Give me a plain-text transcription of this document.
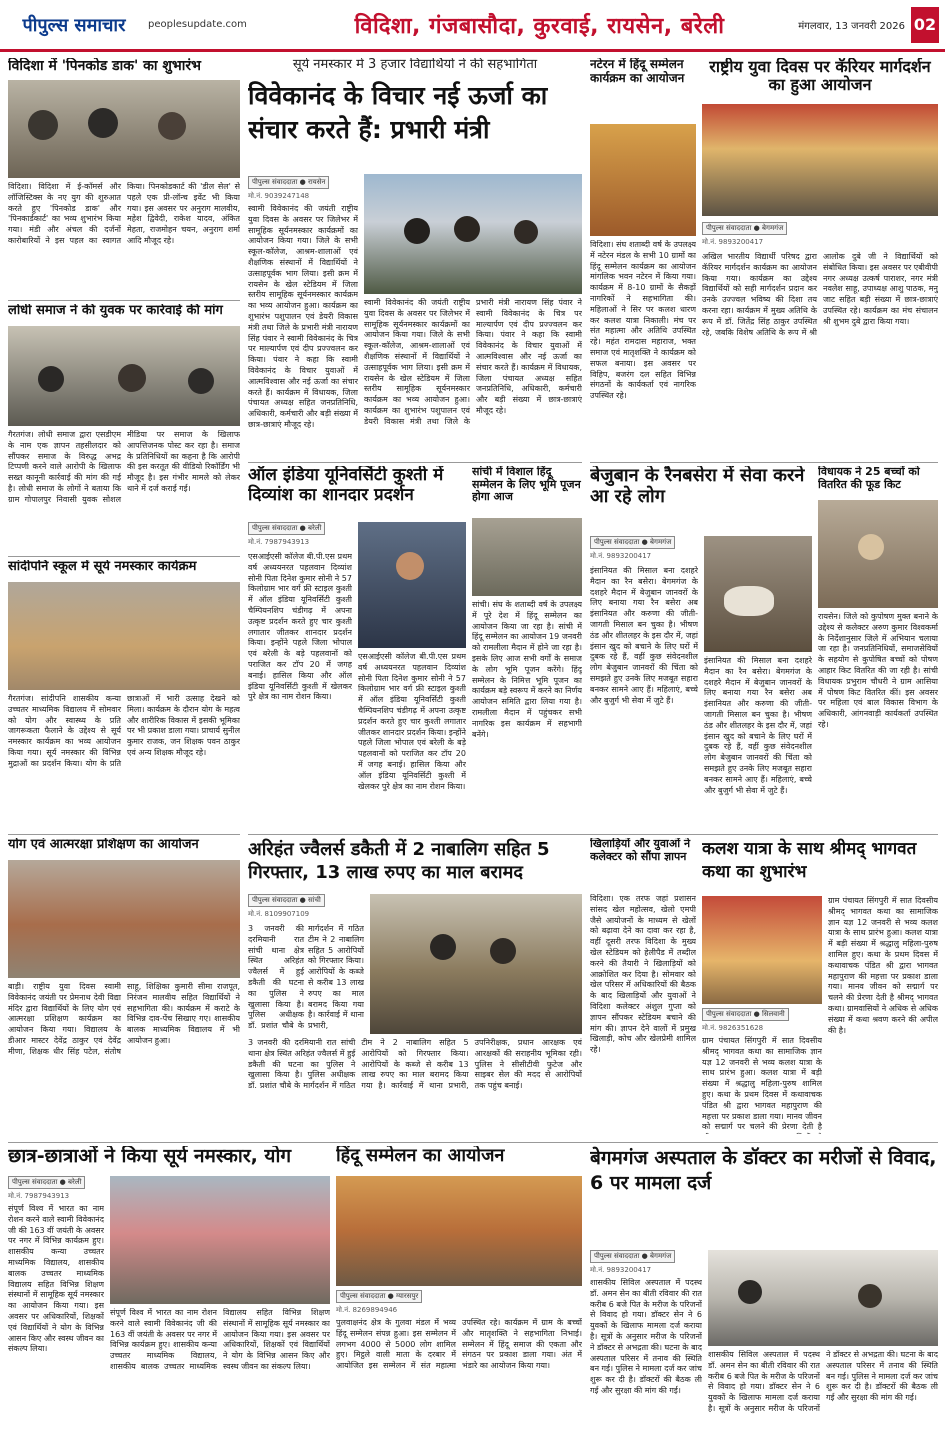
पीपुल्स समाचार peoplesupdate.com	विदिशा, गंजबासौदा, कुरवाई, रायसेन, बरेली	मंगलवार, 13 जनवरी 2026 02
विदिशा में 'पिनकोड डाक' का शुभारंभ
विदिशा। विदिशा में ई-कॉमर्स और लॉजिस्टिक्स के नए युग की शुरुआत करते हुए 'पिनकोड डाक' और 'पिनकार्डकार्ट' का भव्य शुभारंभ किया गया। मंडी और अंचल की दर्जनों कारोबारियों ने इस पहल का स्वागत किया। पिनकोडकार्ट की 'डील सेल' से पहले एक प्री-लॉन्च इवेंट भी किया गया। इस अवसर पर अनुराग मालवीय, महेश द्विवेदी, राकेश यादव, अंकित मेहता, राजमोहन चयन, अनुराग शर्मा आदि मौजूद रहे।
लोधी समाज ने की युवक पर कार्रवाई की मांग
गैरतगंज। लोधी समाज द्वारा एसडीएम के नाम एक ज्ञापन तहसीलदार को सौंपकर समाज के विरुद्ध अभद्र टिप्पणी करने वाले आरोपी के खिलाफ सख्त कानूनी कार्रवाई की मांग की गई है। लोधी समाज के लोगों ने बताया कि ग्राम गोपालपुर निवासी युवक सोशल मीडिया पर समाज के खिलाफ आपत्तिजनक पोस्ट कर रहा है। समाज के प्रतिनिधियों का कहना है कि आरोपी की इस करतूत की वीडियो रिकॉर्डिंग भी मौजूद है। इस गंभीर मामले को लेकर थाने में दर्ज कराई गई।
सांदीपनि स्कूल में सूर्य नमस्कार कार्यक्रम
गैरतगंज। सांदीपनि शासकीय कन्या उच्चतर माध्यमिक विद्यालय में सोमवार को योग और स्वास्थ्य के प्रति जागरूकता फैलाने के उद्देश्य से सूर्य नमस्कार कार्यक्रम का भव्य आयोजन किया गया। सूर्य नमस्कार की विभिन्न मुद्राओं का प्रदर्शन किया। योग के प्रति छात्राओं में भारी उत्साह देखने को मिला। कार्यक्रम के दौरान योग के महत्व और शारीरिक विकास में इसकी भूमिका पर भी प्रकाश डाला गया। प्राचार्य सुनील कुमार राजक, जन शिक्षक पवन ठाकुर एवं अन्य शिक्षक मौजूद रहे।
योग एवं आत्मरक्षा प्रशिक्षण का आयोजन
बाड़ी। राष्ट्रीय युवा दिवस स्वामी विवेकानंद जयंती पर प्रेमनाथ देवी विद्या मंदिर द्वारा विद्यार्थियों के लिए योग एवं आत्मरक्षा प्रशिक्षण कार्यक्रम का आयोजन किया गया। विद्यालय के डीआर मास्टर देवेंद्र ठाकुर एवं देवेंद्र मीणा, शिक्षक धीर सिंह पटेल, संतोष साहू, शिक्षिका कुमारी सीमा राजपूत, निरंजन मालवीय सहित विद्यार्थियों ने सहभागिता की। कार्यक्रम में कराटे के विभिन्न दाव-पेंच सिखाए गए। शासकीय बालक माध्यमिक विद्यालय में भी आयोजन हुआ।
सूर्य नमस्कार में 3 हजार विद्यार्थियों ने की सहभागिता
विवेकानंद के विचार नई ऊर्जा का संचार करते हैं: प्रभारी मंत्री
पीपुल्स संवाददाता ● रायसेन
मो.नं. 9039247148
स्वामी विवेकानंद की जयंती राष्ट्रीय युवा दिवस के अवसर पर जिलेभर में सामूहिक सूर्यनमस्कार कार्यक्रमों का आयोजन किया गया। जिले के सभी स्कूल-कॉलेज, आश्रम-शालाओं एवं शैक्षणिक संस्थानों में विद्यार्थियों ने उत्साहपूर्वक भाग लिया। इसी क्रम में रायसेन के खेल स्टेडियम में जिला स्तरीय सामूहिक सूर्यनमस्कार कार्यक्रम का भव्य आयोजन हुआ। कार्यक्रम का शुभारंभ पशुपालन एवं डेयरी विकास मंत्री तथा जिले के प्रभारी मंत्री नारायण सिंह पंवार ने स्वामी विवेकानंद के चित्र पर माल्यार्पण एवं दीप प्रज्ज्वलन कर किया। पंवार ने कहा कि स्वामी विवेकानंद के विचार युवाओं में आत्मविश्वास और नई ऊर्जा का संचार करते हैं। कार्यक्रम में विधायक, जिला पंचायत अध्यक्ष सहित जनप्रतिनिधि, अधिकारी, कर्मचारी और बड़ी संख्या में छात्र-छात्राएं मौजूद रहे।
स्वामी विवेकानंद की जयंती राष्ट्रीय युवा दिवस के अवसर पर जिलेभर में सामूहिक सूर्यनमस्कार कार्यक्रमों का आयोजन किया गया। जिले के सभी स्कूल-कॉलेज, आश्रम-शालाओं एवं शैक्षणिक संस्थानों में विद्यार्थियों ने उत्साहपूर्वक भाग लिया। इसी क्रम में रायसेन के खेल स्टेडियम में जिला स्तरीय सामूहिक सूर्यनमस्कार कार्यक्रम का भव्य आयोजन हुआ। कार्यक्रम का शुभारंभ पशुपालन एवं डेयरी विकास मंत्री तथा जिले के प्रभारी मंत्री नारायण सिंह पंवार ने स्वामी विवेकानंद के चित्र पर माल्यार्पण एवं दीप प्रज्ज्वलन कर किया। पंवार ने कहा कि स्वामी विवेकानंद के विचार युवाओं में आत्मविश्वास और नई ऊर्जा का संचार करते हैं। कार्यक्रम में विधायक, जिला पंचायत अध्यक्ष सहित जनप्रतिनिधि, अधिकारी, कर्मचारी और बड़ी संख्या में छात्र-छात्राएं मौजूद रहे।
ऑल इंडिया यूनिवर्सिटी कुश्ती में दिव्यांश का शानदार प्रदर्शन
पीपुल्स संवाददाता ● बरेली
मो.नं. 7987943913
एसआईएसी कॉलेज बी.पी.एस प्रथम वर्ष अध्ययनरत पहलवान दिव्यांश सोनी पिता दिनेश कुमार सोनी ने 57 किलोग्राम भार वर्ग फ्री स्टाइल कुश्ती में ऑल इंडिया यूनिवर्सिटी कुश्ती चैम्पियनशिप चंडीगढ़ में अपना उत्कृष्ट प्रदर्शन करते हुए चार कुश्ती लगातार जीतकर शानदार प्रदर्शन किया। इन्होंने पहले जिला भोपाल एवं बरेली के बड़े पहलवानों को पराजित कर टॉप 20 में जगह बनाई। हासिल किया और ऑल इंडिया यूनिवर्सिटी कुश्ती में खेलकर पुरे क्षेत्र का नाम रोशन किया।
एसआईएसी कॉलेज बी.पी.एस प्रथम वर्ष अध्ययनरत पहलवान दिव्यांश सोनी पिता दिनेश कुमार सोनी ने 57 किलोग्राम भार वर्ग फ्री स्टाइल कुश्ती में ऑल इंडिया यूनिवर्सिटी कुश्ती चैम्पियनशिप चंडीगढ़ में अपना उत्कृष्ट प्रदर्शन करते हुए चार कुश्ती लगातार जीतकर शानदार प्रदर्शन किया। इन्होंने पहले जिला भोपाल एवं बरेली के बड़े पहलवानों को पराजित कर टॉप 20 में जगह बनाई। हासिल किया और ऑल इंडिया यूनिवर्सिटी कुश्ती में खेलकर पुरे क्षेत्र का नाम रोशन किया।
सांची में विशाल हिंदू सम्मेलन के लिए भूमि पूजन होगा आज
सांची। संघ के शताब्दी वर्ष के उपलक्ष्य में पूरे देश में हिंदू सम्मेलन का आयोजन किया जा रहा है। सांची में हिंदू सम्मेलन का आयोजन 19 जनवरी को रामलीला मैदान में होने जा रहा है। इसके लिए आज सभी वर्गों के समाज के लोग भूमि पूजन करेंगे। हिंदू सम्मेलन के निमित्त भूमि पूजन का कार्यक्रम बड़े स्वरूप में करने का निर्णय आयोजन समिति द्वारा लिया गया है। रामलीला मैदान में पहुंचकर सभी नागरिक इस कार्यक्रम में सहभागी बनेंगे।
नटेरन में हिंदू सम्मेलन कार्यक्रम का आयोजन
विदिशा। संघ शताब्दी वर्ष के उपलक्ष्य में नटेरन मंडल के सभी 10 ग्रामों का हिंदू सम्मेलन कार्यक्रम का आयोजन मांगलिक भवन नटेरन में किया गया। कार्यक्रम में 8-10 ग्रामों के सैकड़ों नागरिकों ने सहभागिता की। महिलाओं ने सिर पर कलश धारण कर कलश यात्रा निकाली। मंच पर संत महात्मा और अतिथि उपस्थित रहे। महंत रामदास महाराज, भक्त समाज एवं मातृशक्ति ने कार्यक्रम को सफल बनाया। इस अवसर पर विहिप, बजरंग दल सहित विभिन्न संगठनों के कार्यकर्ता एवं नागरिक उपस्थित रहे।
राष्ट्रीय युवा दिवस पर कॅरियर मार्गदर्शन का हुआ आयोजन
पीपुल्स संवाददाता ● बेगमगंज
मो.नं. 9893200417
अखिल भारतीय विद्यार्थी परिषद द्वारा कॅरियर मार्गदर्शन कार्यक्रम का आयोजन किया गया। कार्यक्रम का उद्देश्य विद्यार्थियों को सही मार्गदर्शन प्रदान कर उनके उज्ज्वल भविष्य की दिशा तय करना रहा। कार्यक्रम में मुख्य अतिथि के रूप में डॉ. जितेंद्र सिंह ठाकुर उपस्थित रहे, जबकि विशेष अतिथि के रूप में श्री आलोक दुबे जी ने विद्यार्थियों को संबोधित किया। इस अवसर पर एबीवीपी नगर अध्यक्ष उत्कर्ष पाराशर, नगर मंत्री नवलेश साहू, उपाध्यक्ष आशु पाठक, मनु जाट सहित बड़ी संख्या में छात्र-छात्राएं उपस्थित रहे। कार्यक्रम का मंच संचालन श्री शुभम दुबे द्वारा किया गया।
बेजुबान के रैनबसेरा में सेवा करने आ रहे लोग
पीपुल्स संवाददाता ● बेगमगंज
मो.नं. 9893200417
इंसानियत की मिसाल बना दशहरे मैदान का रैन बसेरा। बेगमगंज के दशहरे मैदान में बेजुबान जानवरों के लिए बनाया गया रैन बसेरा अब इंसानियत और करुणा की जीती-जागती मिसाल बन चुका है। भीषण ठंड और शीतलहर के इस दौर में, जहां इंसान खुद को बचाने के लिए घरों में दुबक रहे हैं, वहीं कुछ संवेदनशील लोग बेजुबान जानवरों की चिंता को समझते हुए उनके लिए मजबूत सहारा बनकर सामने आए हैं। महिलाएं, बच्चे और बुजुर्ग भी सेवा में जुटे हैं।
इंसानियत की मिसाल बना दशहरे मैदान का रैन बसेरा। बेगमगंज के दशहरे मैदान में बेजुबान जानवरों के लिए बनाया गया रैन बसेरा अब इंसानियत और करुणा की जीती-जागती मिसाल बन चुका है। भीषण ठंड और शीतलहर के इस दौर में, जहां इंसान खुद को बचाने के लिए घरों में दुबक रहे हैं, वहीं कुछ संवेदनशील लोग बेजुबान जानवरों की चिंता को समझते हुए उनके लिए मजबूत सहारा बनकर सामने आए हैं। महिलाएं, बच्चे और बुजुर्ग भी सेवा में जुटे हैं।
विधायक ने 25 बच्चों को वितरित की फूड किट
रायसेन। जिले को कुपोषण मुक्त बनाने के उद्देश्य से कलेक्टर अरुण कुमार विश्वकर्मा के निर्देशानुसार जिले में अभियान चलाया जा रहा है। जनप्रतिनिधियों, समाजसेवियों के सहयोग से कुपोषित बच्चों को पोषण आहार किट वितरित की जा रही है। सांची विधायक प्रभुराम चौधरी ने ग्राम आसिया में पोषण किट वितरित कीं। इस अवसर पर महिला एवं बाल विकास विभाग के अधिकारी, आंगनवाड़ी कार्यकर्ता उपस्थित रहे।
अरिहंत ज्वैलर्स डकैती में 2 नाबालिग सहित 5 गिरफ्तार, 13 लाख रुपए का माल बरामद
पीपुल्स संवाददाता ● सांची
मो.नं. 8109907109
3 जनवरी की दरमियानी रात सांची थाना क्षेत्र स्थित अरिहंत ज्वैलर्स में हुई डकैती की घटना का पुलिस ने खुलासा किया है। पुलिस अधीक्षक डॉ. प्रशांत चौबे के मार्गदर्शन में गठित टीम ने 2 नाबालिग सहित 5 आरोपियों को गिरफ्तार किया। आरोपियों के कब्जे से करीब 13 लाख रुपए का माल बरामद किया गया है। कार्रवाई में थाना प्रभारी,
3 जनवरी की दरमियानी रात सांची थाना क्षेत्र स्थित अरिहंत ज्वैलर्स में हुई डकैती की घटना का पुलिस ने खुलासा किया है। पुलिस अधीक्षक डॉ. प्रशांत चौबे के मार्गदर्शन में गठित टीम ने 2 नाबालिग सहित 5 आरोपियों को गिरफ्तार किया। आरोपियों के कब्जे से करीब 13 लाख रुपए का माल बरामद किया गया है। कार्रवाई में थाना प्रभारी, उपनिरीक्षक, प्रधान आरक्षक एवं आरक्षकों की सराहनीय भूमिका रही। पुलिस ने सीसीटीवी फुटेज और साइबर सेल की मदद से आरोपियों तक पहुंच बनाई।
खिलाड़ियों और युवाओं ने कलेक्टर को सौंपा ज्ञापन
विदिशा। एक तरफ जहां प्रशासन सांसद खेल महोत्सव, खेलो एमपी जैसे आयोजनों के माध्यम से खेलों को बढ़ावा देने का दावा कर रहा है, वहीं दूसरी तरफ विदिशा के मुख्य खेल स्टेडियम को हेलीपैड में तब्दील करने की तैयारी ने खिलाड़ियों को आक्रोशित कर दिया है। सोमवार को खेल परिसर में अधिकारियों की बैठक के बाद खिलाड़ियों और युवाओं ने विदिशा कलेक्टर अंशुल गुप्ता को ज्ञापन सौंपकर स्टेडियम बचाने की मांग की। ज्ञापन देने वालों में प्रमुख खिलाड़ी, कोच और खेलप्रेमी शामिल रहे।
कलश यात्रा के साथ श्रीमद् भागवत कथा का शुभारंभ
पीपुल्स संवाददाता ● सिलवानी
मो.नं. 9826351628
ग्राम पंचायत सिंगपुरी में सात दिवसीय श्रीमद् भागवत कथा का सामाजिक ज्ञान यज्ञ 12 जनवरी से भव्य कलश यात्रा के साथ प्रारंभ हुआ। कलश यात्रा में बड़ी संख्या में श्रद्धालु महिला-पुरुष शामिल हुए। कथा के प्रथम दिवस में कथावाचक पंडित श्री द्वारा भागवत महापुराण की महत्ता पर प्रकाश डाला गया। मानव जीवन को सद्मार्ग पर चलने की प्रेरणा देती है
ग्राम पंचायत सिंगपुरी में सात दिवसीय श्रीमद् भागवत कथा का सामाजिक ज्ञान यज्ञ 12 जनवरी से भव्य कलश यात्रा के साथ प्रारंभ हुआ। कलश यात्रा में बड़ी संख्या में श्रद्धालु महिला-पुरुष शामिल हुए। कथा के प्रथम दिवस में कथावाचक पंडित श्री द्वारा भागवत महापुराण की महत्ता पर प्रकाश डाला गया। मानव जीवन को सद्मार्ग पर चलने की प्रेरणा देती है श्रीमद् भागवत कथा। ग्रामवासियों ने अधिक से अधिक संख्या में कथा श्रवण करने की अपील की है।
छात्र-छात्राओं ने किया सूर्य नमस्कार, योग
पीपुल्स संवाददाता ● बरेली
मो.नं. 7987943913
संपूर्ण विश्व में भारत का नाम रोशन करने वाले स्वामी विवेकानंद जी की 163 वीं जयंती के अवसर पर नगर में विभिन्न कार्यक्रम हुए। शासकीय कन्या उच्चतर माध्यमिक विद्यालय, शासकीय बालक उच्चतर माध्यमिक विद्यालय सहित विभिन्न शिक्षण संस्थानों में सामूहिक सूर्य नमस्कार का आयोजन किया गया। इस अवसर पर अधिकारियों, शिक्षकों एवं विद्यार्थियों ने योग के विभिन्न आसन किए और स्वस्थ जीवन का संकल्प लिया।
संपूर्ण विश्व में भारत का नाम रोशन करने वाले स्वामी विवेकानंद जी की 163 वीं जयंती के अवसर पर नगर में विभिन्न कार्यक्रम हुए। शासकीय कन्या उच्चतर माध्यमिक विद्यालय, शासकीय बालक उच्चतर माध्यमिक विद्यालय सहित विभिन्न शिक्षण संस्थानों में सामूहिक सूर्य नमस्कार का आयोजन किया गया। इस अवसर पर अधिकारियों, शिक्षकों एवं विद्यार्थियों ने योग के विभिन्न आसन किए और स्वस्थ जीवन का संकल्प लिया।
हिंदू सम्मेलन का आयोजन
पीपुल्स संवाददाता ● ग्यारसपुर
मो.नं. 8269894946
पुलवाक्षनंद क्षेत्र के गुलवा मंडल में भव्य हिंदू सम्मेलन संपन्न हुआ। इस सम्मेलन में लगभग 4000 से 5000 लोग शामिल हुए। मिट्ठले वाली माता के दरबार में आयोजित इस सम्मेलन में संत महात्मा उपस्थित रहे। कार्यक्रम में ग्राम के बच्चों और मातृशक्ति ने सहभागिता निभाई। सम्मेलन में हिंदू समाज की एकता और संगठन पर प्रकाश डाला गया। अंत में भंडारे का आयोजन किया गया।
बेगमगंज अस्पताल के डॉक्टर का मरीजों से विवाद, 6 पर मामला दर्ज
पीपुल्स संवाददाता ● बेगमगंज
मो.नं. 9893200417
शासकीय सिविल अस्पताल में पदस्थ डॉ. अमन सेन का बीती रविवार की रात करीब 6 बजे पित के मरीज के परिजनों से विवाद हो गया। डॉक्टर सेन ने 6 युवकों के खिलाफ मामला दर्ज कराया है। सूत्रों के अनुसार मरीज के परिजनों ने डॉक्टर से अभद्रता की। घटना के बाद अस्पताल परिसर में तनाव की स्थिति बन गई। पुलिस ने मामला दर्ज कर जांच शुरू कर दी है। डॉक्टरों की बैठक ली गई और सुरक्षा की मांग की गई।
शासकीय सिविल अस्पताल में पदस्थ डॉ. अमन सेन का बीती रविवार की रात करीब 6 बजे पित के मरीज के परिजनों से विवाद हो गया। डॉक्टर सेन ने 6 युवकों के खिलाफ मामला दर्ज कराया है। सूत्रों के अनुसार मरीज के परिजनों ने डॉक्टर से अभद्रता की। घटना के बाद अस्पताल परिसर में तनाव की स्थिति बन गई। पुलिस ने मामला दर्ज कर जांच शुरू कर दी है। डॉक्टरों की बैठक ली गई और सुरक्षा की मांग की गई।
